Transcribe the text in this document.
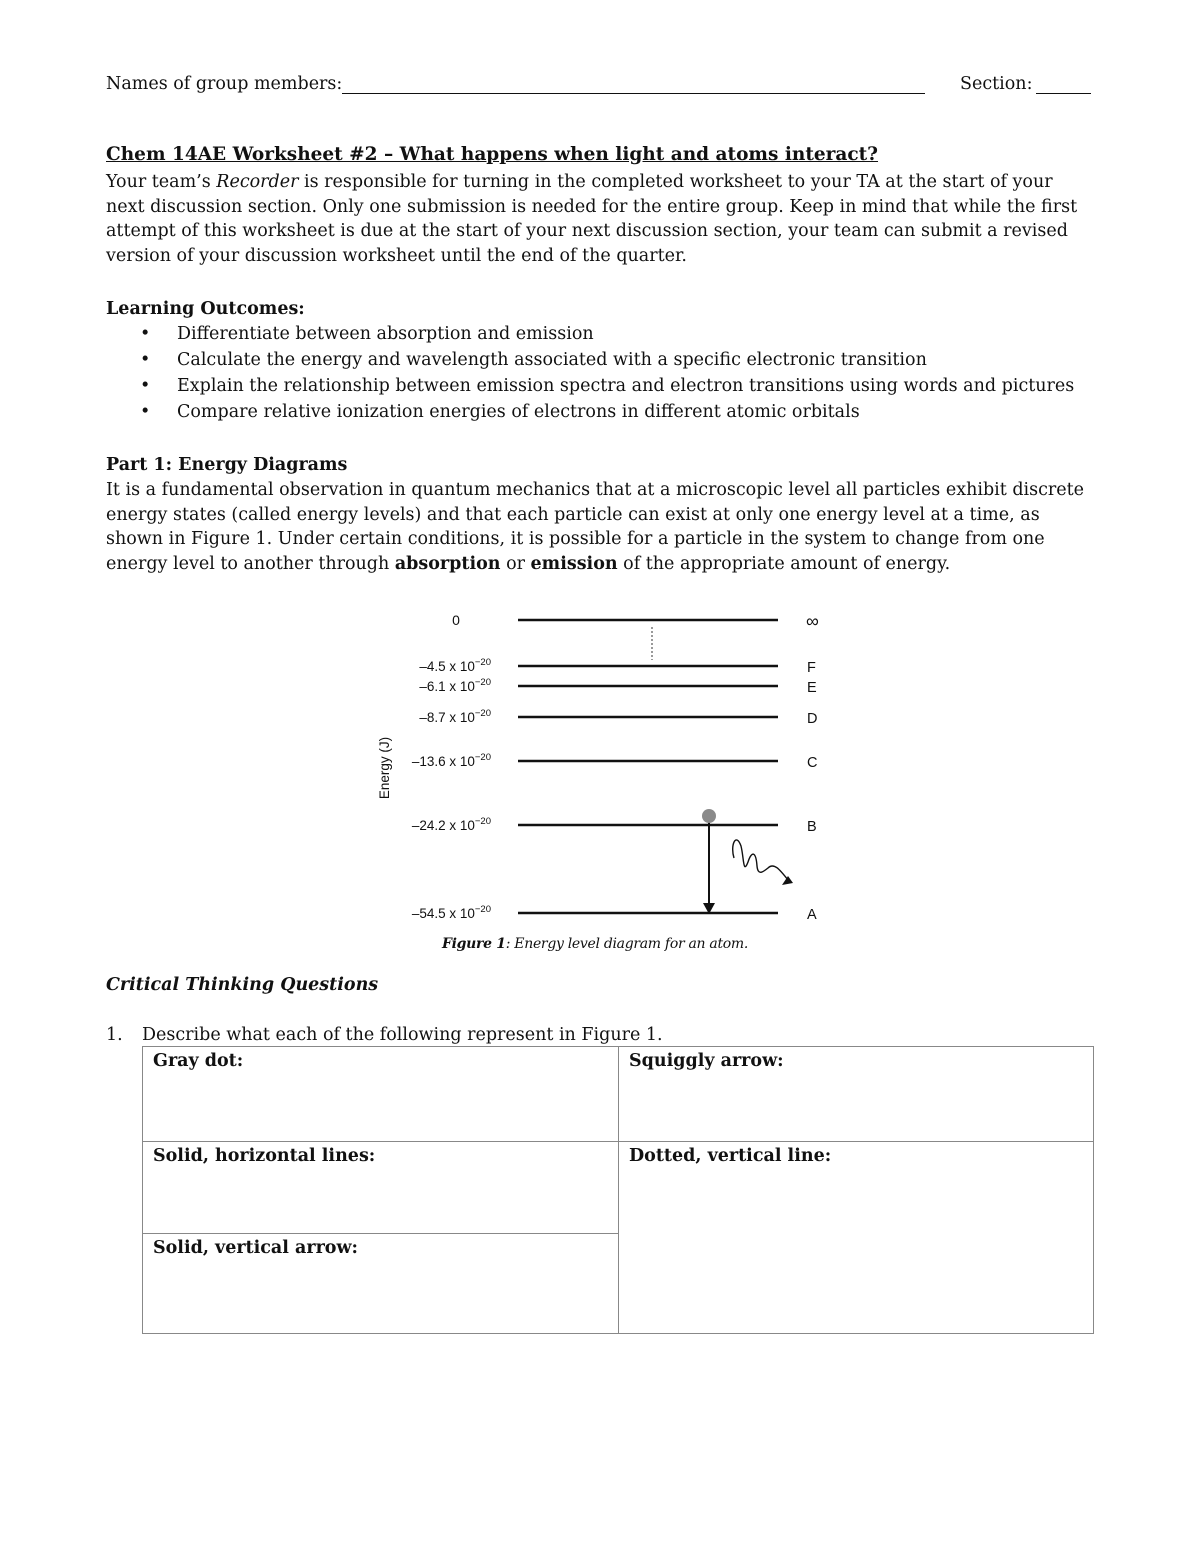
Names of group members:	Section:
Chem 14AE Worksheet #2 – What happens when light and atoms interact?
Your team’s Recorder is responsible for turning in the completed worksheet to your TA at the start of your next discussion section. Only one submission is needed for the entire group. Keep in mind that while the first attempt of this worksheet is due at the start of your next discussion section, your team can submit a revised version of your discussion worksheet until the end of the quarter.
Learning Outcomes:
• Differentiate between absorption and emission
• Calculate the energy and wavelength associated with a specific electronic transition
• Explain the relationship between emission spectra and electron transitions using words and pictures
• Compare relative ionization energies of electrons in different atomic orbitals
Part 1: Energy Diagrams
It is a fundamental observation in quantum mechanics that at a microscopic level all particles exhibit discrete energy states (called energy levels) and that each particle can exist at only one energy level at a time, as shown in Figure 1. Under certain conditions, it is possible for a particle in the system to change from one energy level to another through absorption or emission of the appropriate amount of energy.
Energy (J)
0	∞
–4.5 x $10^{-20}$	F
–6.1 x $10^{-20}$	E
–8.7 x $10^{-20}$	D
–13.6 x $10^{-20}$	C
–24.2 x $10^{-20}$	B
–54.5 x $10^{-20}$	A
Figure 1: Energy level diagram for an atom.
Critical Thinking Questions
1. Describe what each of the following represent in Figure 1.
Gray dot:	Squiggly arrow:
Solid, horizontal lines:
Solid, vertical arrow:
Dotted, vertical line:
